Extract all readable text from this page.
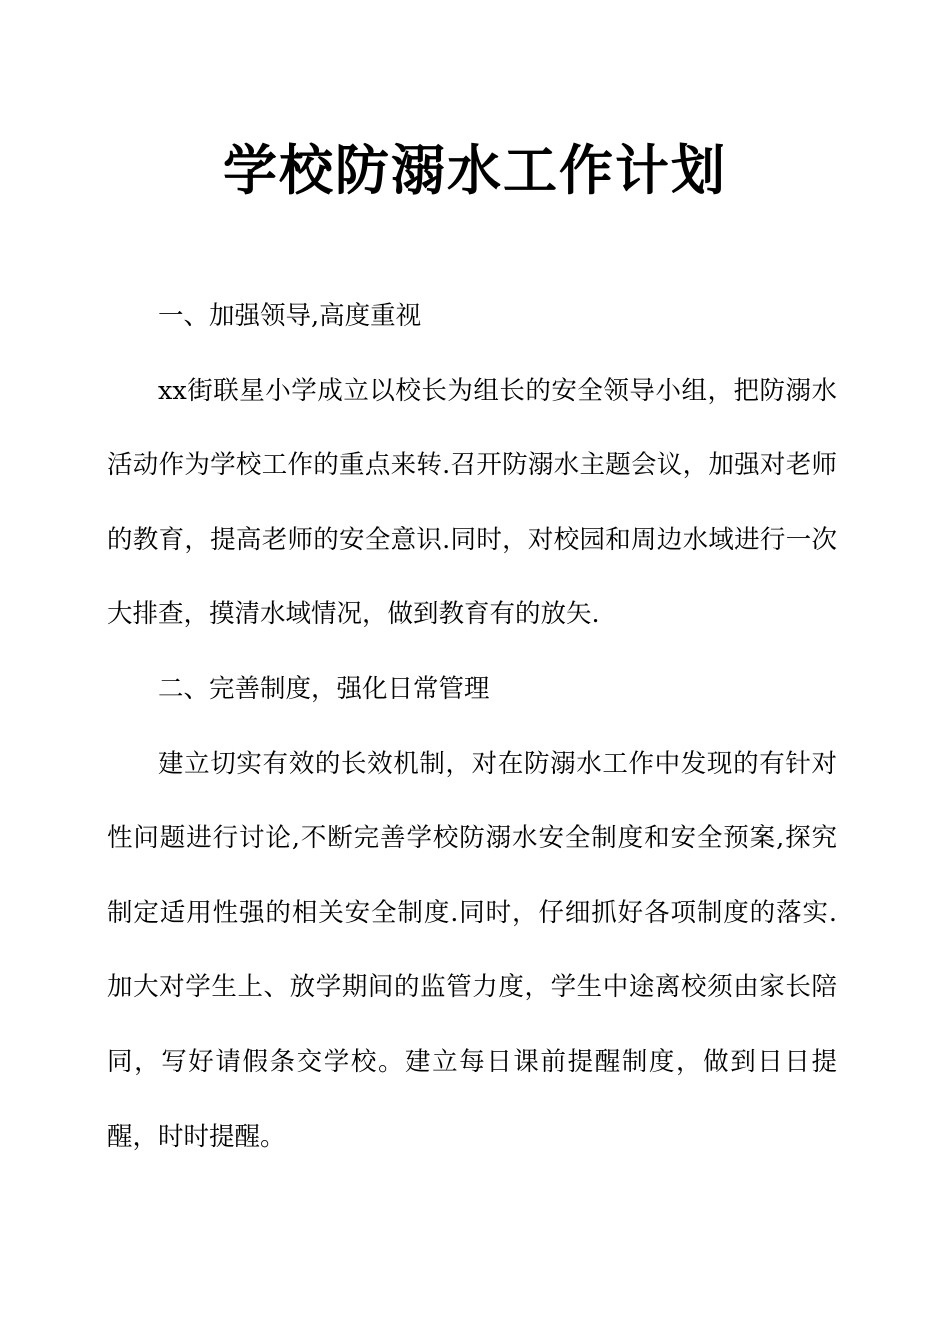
学校防溺水工作计划

一、加强领导,高度重视

xx街联星小学成立以校长为组长的安全领导小组，把防溺水活动作为学校工作的重点来转.召开防溺水主题会议，加强对老师的教育，提高老师的安全意识.同时，对校园和周边水域进行一次大排查，摸清水域情况，做到教育有的放矢.

二、完善制度，强化日常管理

建立切实有效的长效机制，对在防溺水工作中发现的有针对性问题进行讨论,不断完善学校防溺水安全制度和安全预案,探究制定适用性强的相关安全制度.同时，仔细抓好各项制度的落实.加大对学生上、放学期间的监管力度，学生中途离校须由家长陪同，写好请假条交学校。建立每日课前提醒制度，做到日日提醒，时时提醒。
